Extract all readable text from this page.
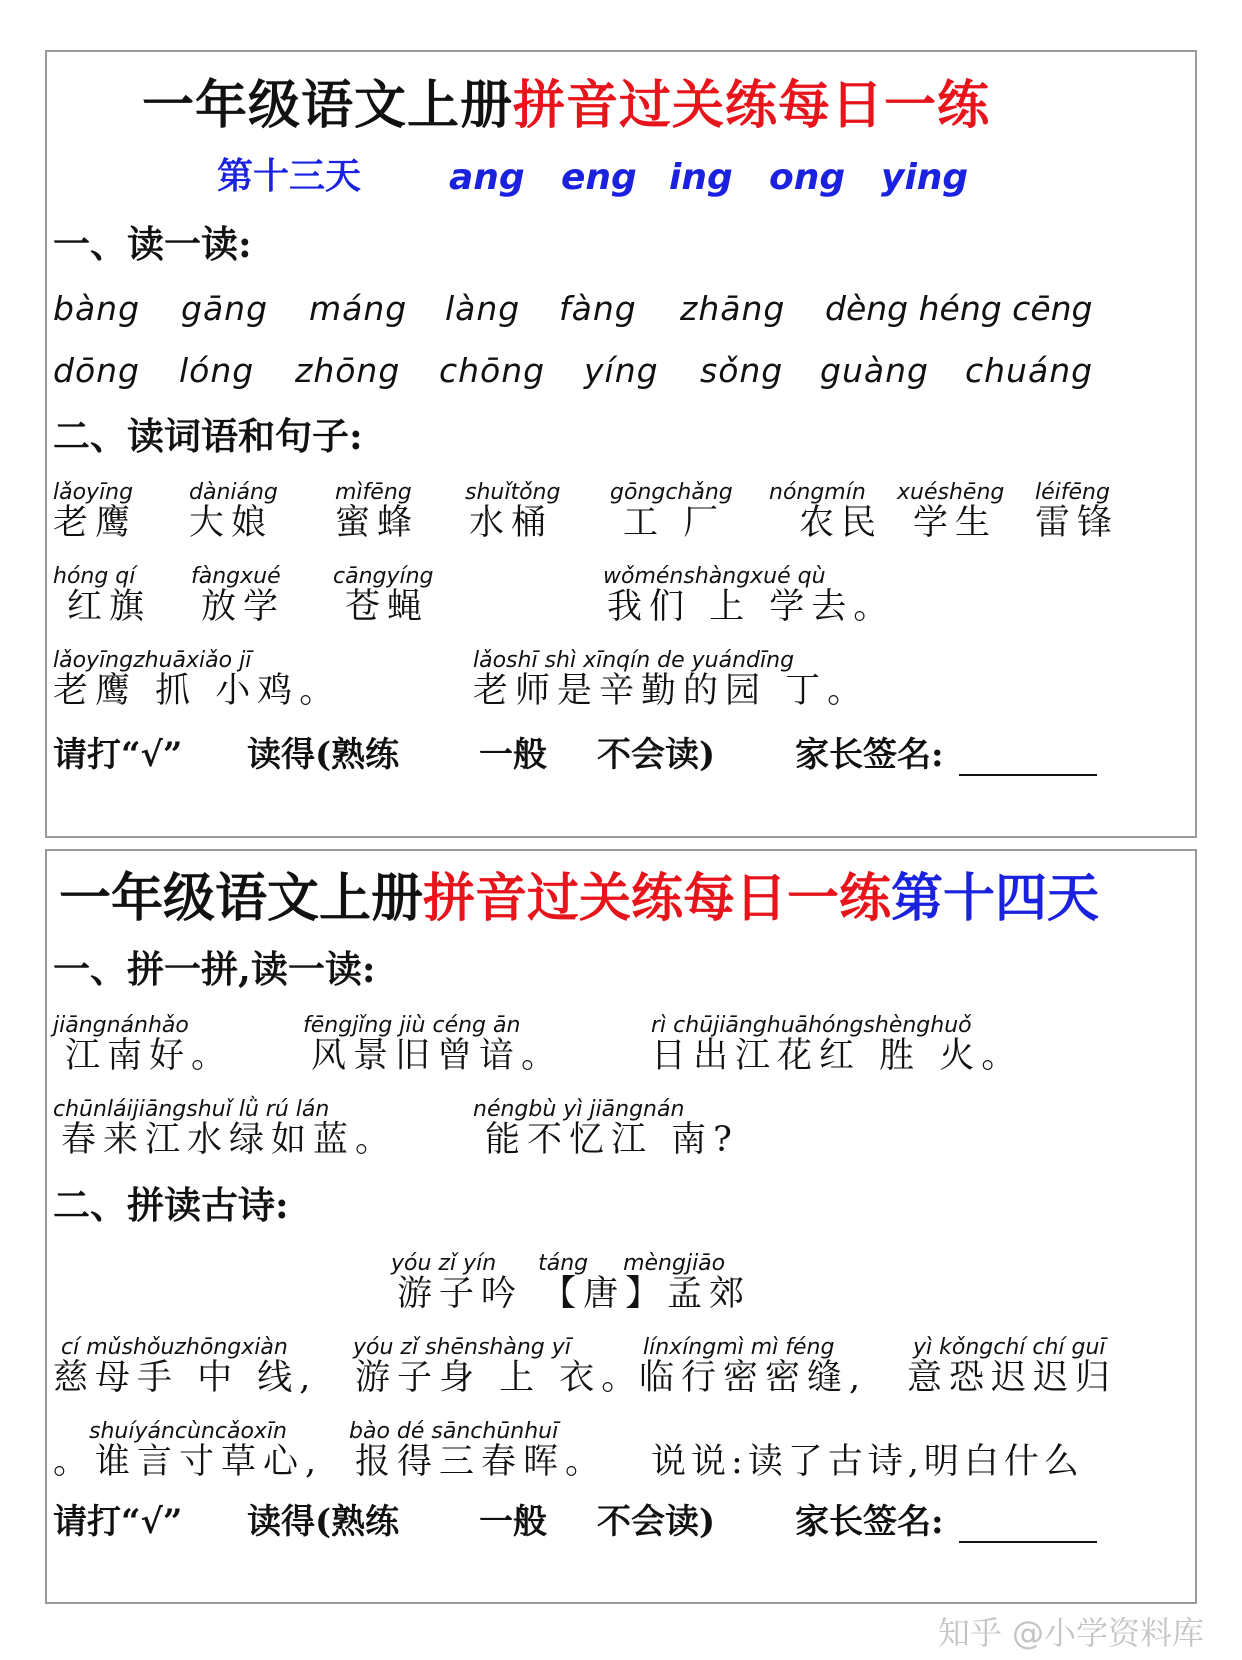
一年级语文上册拼音过关练每日一练
第十三天 ang eng ing ong ying
一、读一读:
bàng gāng máng làng fàng zhāng dèng héng cēng
dōng lóng zhōng chōng yíng sǒng guàng chuáng
二、读词语和句子:
lǎoyīng
老鹰
dàniáng
大娘
mìfēng
蜜蜂
shuǐtǒng
水桶
gōngchǎng
工 厂
nóngmín
农民
xuéshēng
学生
léifēng
雷锋
hóng qí
红旗
fàngxué
放学
cāngyíng
苍蝇
wǒménshàngxué qù
我们 上 学去。
lǎoyīngzhuāxiǎo jī
老鹰 抓 小鸡。
lǎoshī shì xīnqín de yuándīng
老师是辛勤的园 丁。
请打“√” 读得(熟练 一般 不会读) 家长签名:
一年级语文上册拼音过关练每日一练第十四天
一、拼一拼,读一读:
jiāngnánhǎo
江南好。
fēngjǐng jiù céng ān
风景旧曾谙。
rì chūjiānghuāhóngshènghuǒ
日出江花红 胜 火。
chūnláijiāngshuǐ lǜ rú lán
春来江水绿如蓝。
néngbù yì jiāngnán
能不忆江 南?
二、拼读古诗:
yóu zǐ yín      táng     mèngjiāo
游子吟 【唐】孟郊
cí mǔshǒuzhōngxiàn
慈母手 中 线,
yóu zǐ shēnshàng yī
游子身 上 衣。
línxíngmì mì féng
临行密密缝,
yì kǒngchí chí guī
意恐迟迟归
shuíyáncùncǎoxīn
。谁言寸草心,
bào dé sānchūnhuī
报得三春晖。 说说:读了古诗,明白什么
请打“√” 读得(熟练 一般 不会读) 家长签名:
知乎 @小学资料库
